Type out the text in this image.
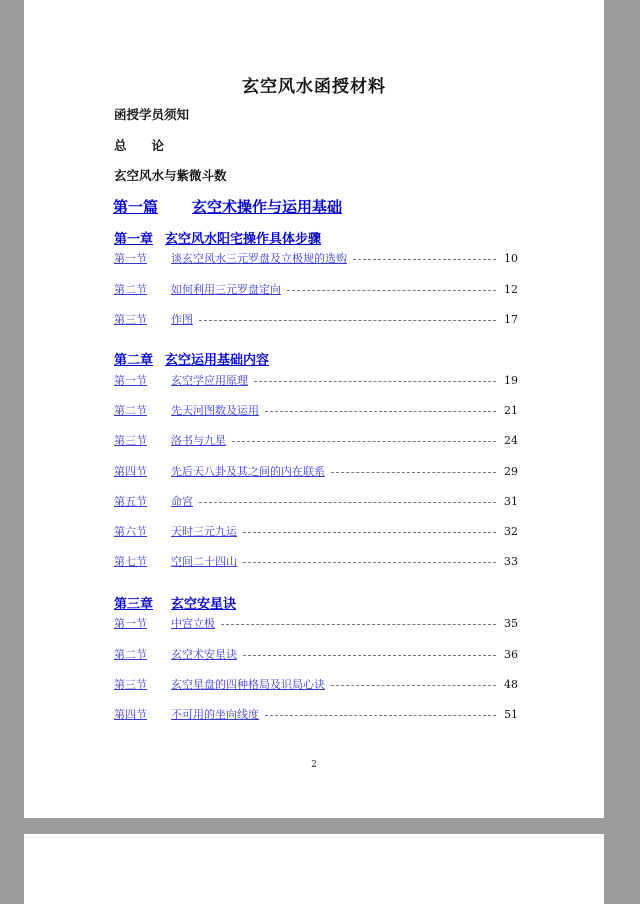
玄空风水函授材料
函授学员须知
总　　论
玄空风水与紫微斗数
第一篇 玄空术操作与运用基础
第一章 玄空风水阳宅操作具体步骤
第一节	谈玄空风水三元罗盘及立极规的选购	10
第二节	如何利用三元罗盘定向	12
第三节	作图	17
第二章 玄空运用基础内容
第一节	玄空学应用原理	19
第二节	先天河图数及运用	21
第三节	洛书与九星	24
第四节	先后天八卦及其之间的内在联系	29
第五节	命宫	31
第六节	天时三元九运	32
第七节	空间二十四山	33
第三章 玄空安星诀
第一节	中宫立极	35
第二节	玄空术安星诀	36
第三节	玄空星盘的四种格局及识局心诀	48
第四节	不可用的坐向线度	51
2
